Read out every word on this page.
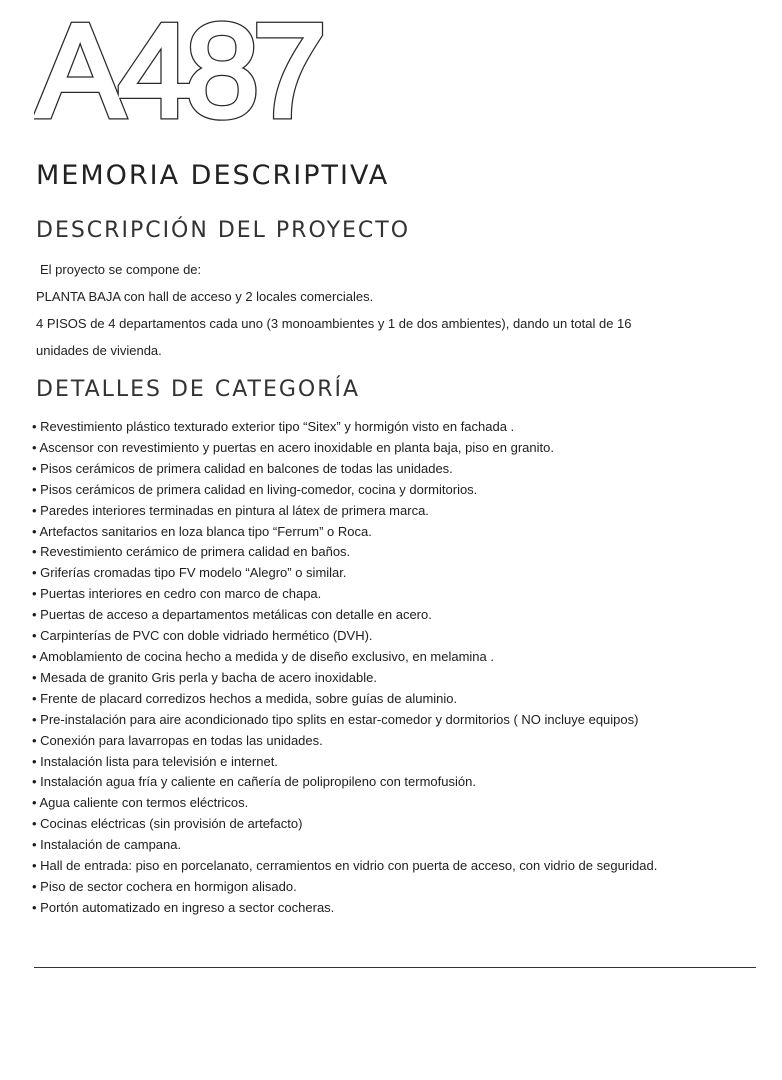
MEMORIA DESCRIPTIVA
DESCRIPCIÓN DEL PROYECTO

El proyecto se compone de:

PLANTA BAJA con hall de acceso y 2 locales comerciales.

4 PISOS de 4 departamentos cada uno (3 monoambientes y 1 de dos ambientes), dando un total de 16

unidades de vivienda.

DETALLES DE CATEGORÍA
• Revestimiento plástico texturado exterior tipo “Sitex” y hormigón visto en fachada .
• Ascensor con revestimiento y puertas en acero inoxidable en planta baja, piso en granito.
• Pisos cerámicos de primera calidad en balcones de todas las unidades.
• Pisos cerámicos de primera calidad en living-comedor, cocina y dormitorios.
• Paredes interiores terminadas en pintura al látex de primera marca.
• Artefactos sanitarios en loza blanca tipo “Ferrum” o Roca.
• Revestimiento cerámico de primera calidad en baños.
• Griferías cromadas tipo FV modelo “Alegro” o similar.
• Puertas interiores en cedro con marco de chapa.
• Puertas de acceso a departamentos metálicas con detalle en acero.
• Carpinterías de PVC con doble vidriado hermético (DVH).
• Amoblamiento de cocina hecho a medida y de diseño exclusivo, en melamina .
• Mesada de granito Gris perla y bacha de acero inoxidable.
• Frente de placard corredizos hechos a medida, sobre guías de aluminio.
• Pre-instalación para aire acondicionado tipo splits en estar-comedor y dormitorios ( NO incluye equipos)
• Conexión para lavarropas en todas las unidades.
• Instalación lista para televisión e internet.
• Instalación agua fría y caliente en cañería de polipropileno con termofusión.
• Agua caliente con termos eléctricos.
• Cocinas eléctricas (sin provisión de artefacto)
• Instalación de campana.
• Hall de entrada: piso en porcelanato, cerramientos en vidrio con puerta de acceso, con vidrio de seguridad.
• Piso de sector cochera en hormigon alisado.
• Portón automatizado en ingreso a sector cocheras.
